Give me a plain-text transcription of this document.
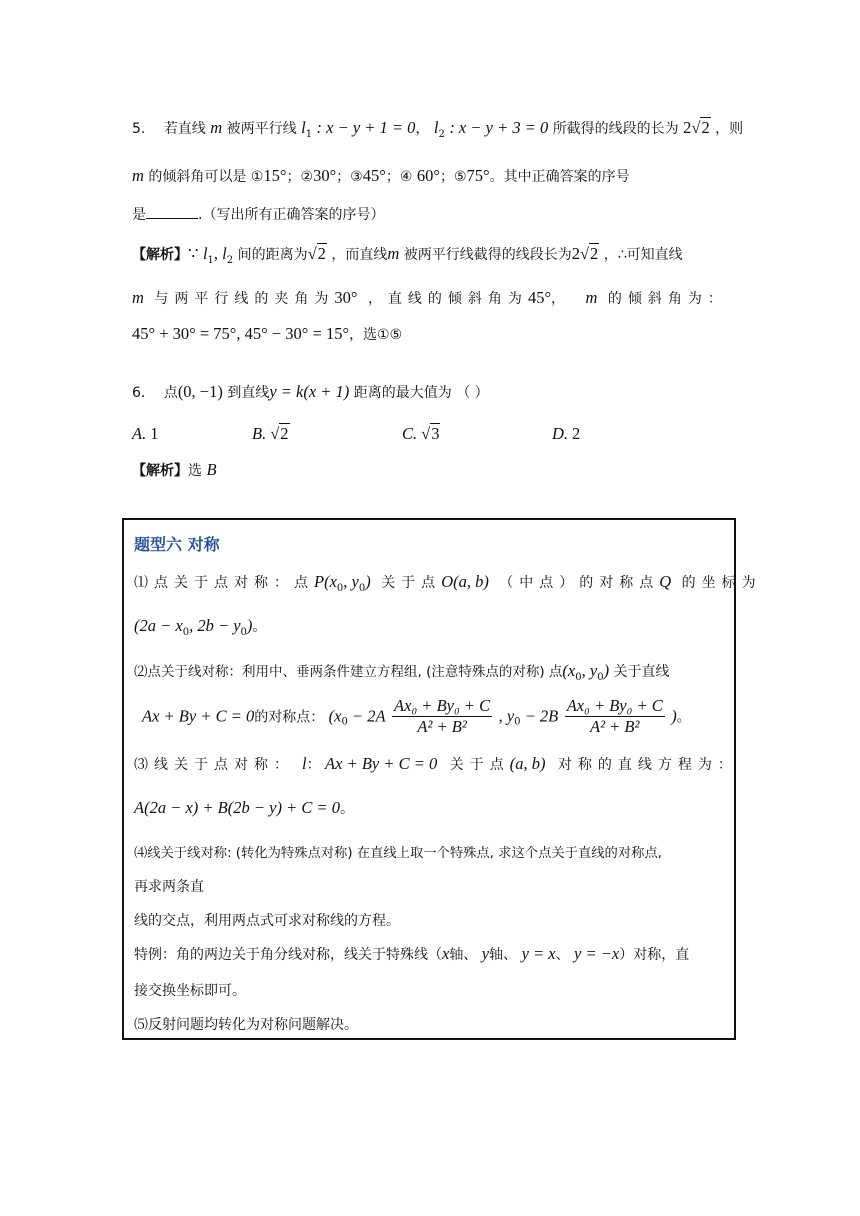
5. 若直线 m 被两平行线 $l_1$ : x − y + 1 = 0， $l_2$ : x − y + 3 = 0 所截得的线段的长为 2√2 ，则
m 的倾斜角可以是 ①15°；②30°；③45°；④ 60°；⑤75°。其中正确答案的序号
是	.（写出所有正确答案的序号）
【解析】∵ $l_1$, $l_2$ 间的距离为√2 ，而直线m 被两平行线截得的线段长为2√2 ，∴可知直线
m 与两平行线的夹角为30° ，直线的倾斜角为45°， m 的倾斜角为：
45° + 30° = 75°, 45° − 30° = 15°，选①⑤
6. 点(0, −1) 到直线y = k(x + 1) 距离的最大值为 （ ）
A. 1	B. √2	C. √3	D. 2
【解析】选 B
题型六 对称
⑴点关于点对称：点$P(x_0$, $y_0$) 关于点O(a, b) （中点）的对称点Q 的坐标为
($2a - x_0$, $2b - y_0$)。
⑵点关于线对称：利用中、垂两条件建立方程组, (注意特殊点的对称) 点($x_0$, $y_0$) 关于直线
Ax + By + C = 0的对称点： ($x_0 - 2A \frac{\text{Ax₀ + By₀ + C}}{\text{A² + B²}}$ , $y_0 - 2B \frac{\text{Ax₀ + By₀ + C}}{\text{A² + B²}}$ )。
⑶线关于点对称： l： Ax + By + C = 0 关于点(a, b) 对称的直线方程为：
A(2a − x) + B(2b − y) + C = 0。
⑷线关于线对称: (转化为特殊点对称) 在直线上取一个特殊点, 求这个点关于直线的对称点,
再求两条直
线的交点，利用两点式可求对称线的方程。
特例：角的两边关于角分线对称，线关于特殊线（x轴、 y轴、 y = x、 y = −x）对称，直
接交换坐标即可。
⑸反射问题均转化为对称问题解决。
